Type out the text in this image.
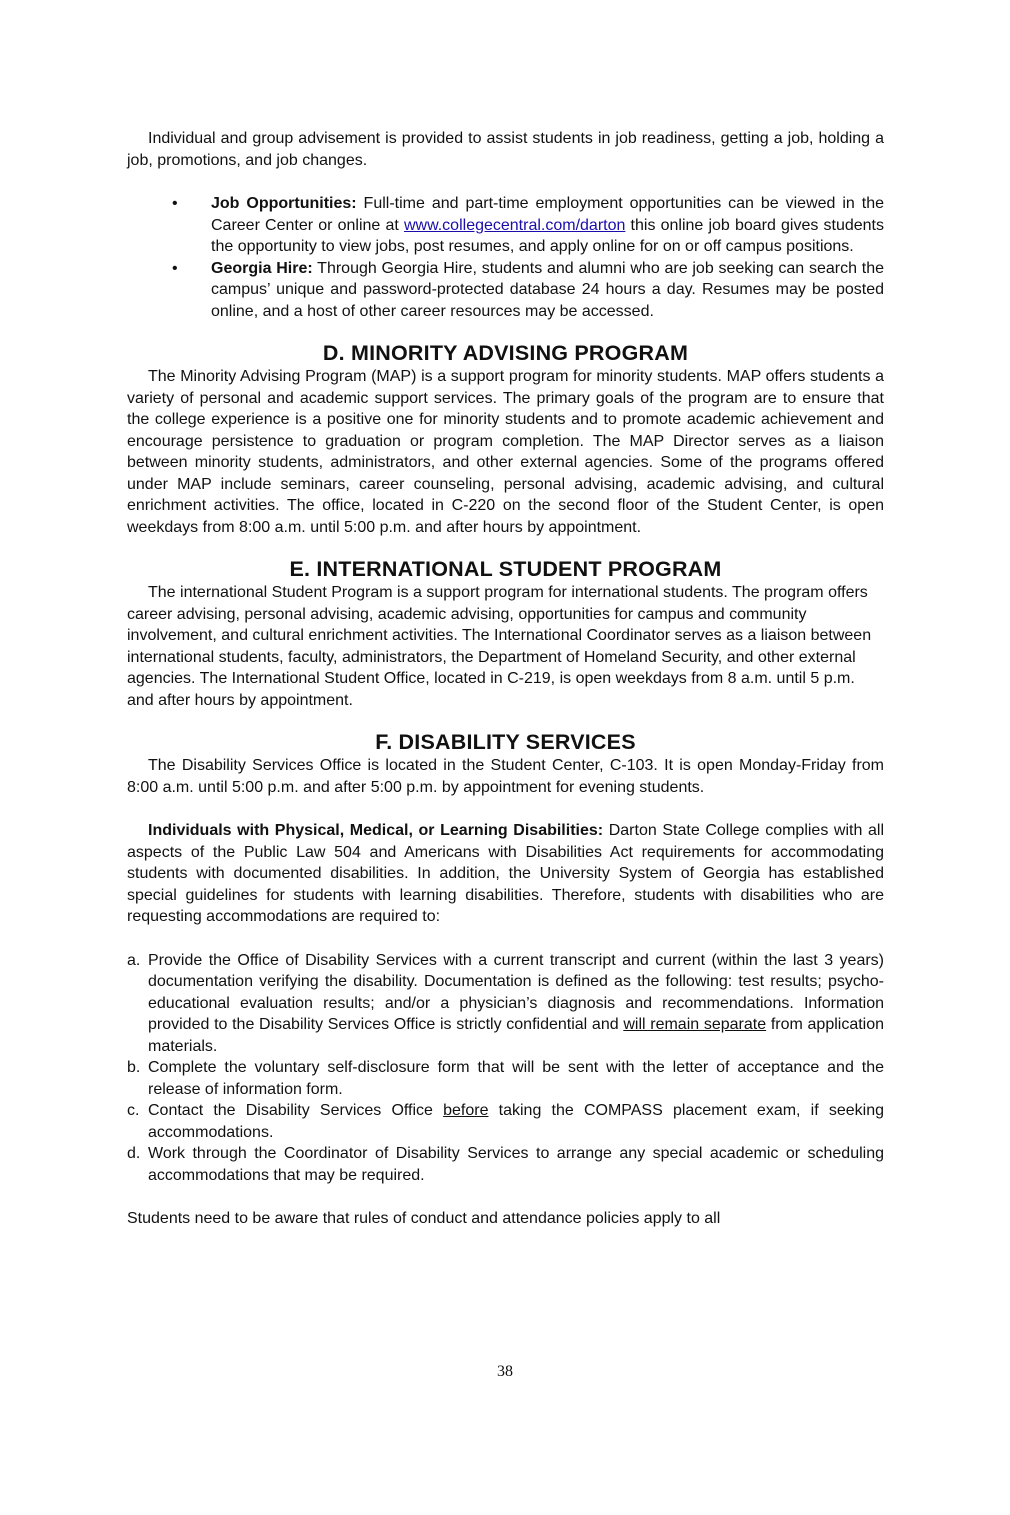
Individual and group advisement is provided to assist students in job readiness, getting a job, holding a job, promotions, and job changes.

• Job Opportunities: Full-time and part-time employment opportunities can be viewed in the Career Center or online at www.collegecentral.com/darton this online job board gives students the opportunity to view jobs, post resumes, and apply online for on or off campus positions.
• Georgia Hire: Through Georgia Hire, students and alumni who are job seeking can search the campus’ unique and password-protected database 24 hours a day. Resumes may be posted online, and a host of other career resources may be accessed.
D. MINORITY ADVISING PROGRAM

The Minority Advising Program (MAP) is a support program for minority students. MAP offers students a variety of personal and academic support services. The primary goals of the program are to ensure that the college experience is a positive one for minority students and to promote academic achievement and encourage persistence to graduation or program completion. The MAP Director serves as a liaison between minority students, administrators, and other external agencies. Some of the programs offered under MAP include seminars, career counseling, personal advising, academic advising, and cultural enrichment activities. The office, located in C-220 on the second floor of the Student Center, is open weekdays from 8:00 a.m. until 5:00 p.m. and after hours by appointment.

E. INTERNATIONAL STUDENT PROGRAM

The international Student Program is a support program for international students. The program offers career advising, personal advising, academic advising, opportunities for campus and community involvement, and cultural enrichment activities. The International Coordinator serves as a liaison between international students, faculty, administrators, the Department of Homeland Security, and other external agencies. The International Student Office, located in C-219, is open weekdays from 8 a.m. until 5 p.m. and after hours by appointment.

F. DISABILITY SERVICES

The Disability Services Office is located in the Student Center, C-103. It is open Monday-Friday from 8:00 a.m. until 5:00 p.m. and after 5:00 p.m. by appointment for evening students.

Individuals with Physical, Medical, or Learning Disabilities: Darton State College complies with all aspects of the Public Law 504 and Americans with Disabilities Act requirements for accommodating students with documented disabilities. In addition, the University System of Georgia has established special guidelines for students with learning disabilities. Therefore, students with disabilities who are requesting accommodations are required to:

a. Provide the Office of Disability Services with a current transcript and current (within the last 3 years) documentation verifying the disability. Documentation is defined as the following: test results; psycho-educational evaluation results; and/or a physician’s diagnosis and recommendations. Information provided to the Disability Services Office is strictly confidential and will remain separate from application materials.
b. Complete the voluntary self-disclosure form that will be sent with the letter of acceptance and the release of information form.
c. Contact the Disability Services Office before taking the COMPASS placement exam, if seeking accommodations.
d. Work through the Coordinator of Disability Services to arrange any special academic or scheduling accommodations that may be required.

Students need to be aware that rules of conduct and attendance policies apply to all

38
